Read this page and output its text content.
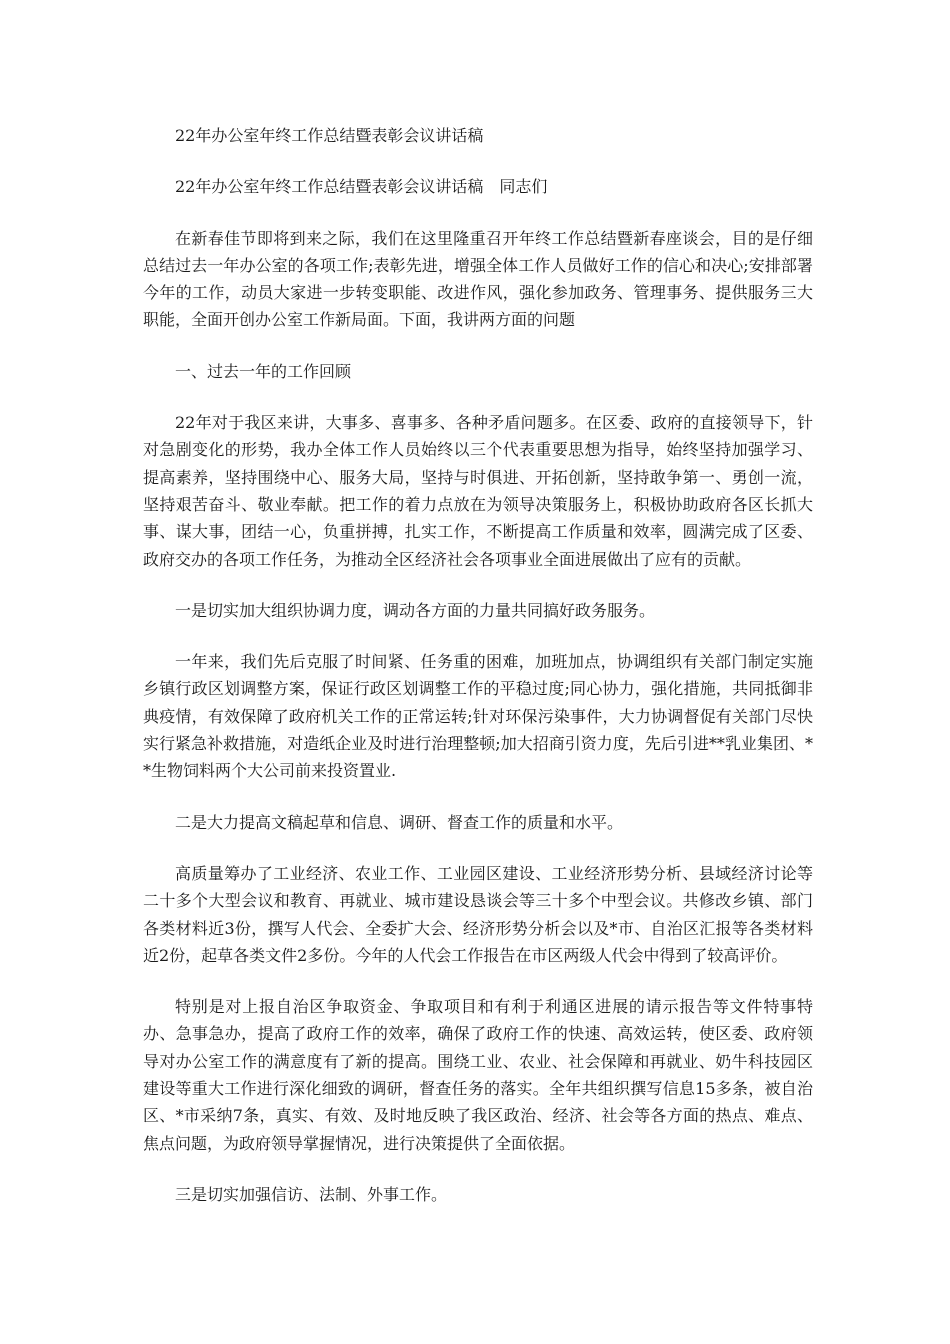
22年办公室年终工作总结暨表彰会议讲话稿

22年办公室年终工作总结暨表彰会议讲话稿　同志们

在新春佳节即将到来之际，我们在这里隆重召开年终工作总结暨新春座谈会，目的是仔细总结过去一年办公室的各项工作;表彰先进，增强全体工作人员做好工作的信心和决心;安排部署今年的工作，动员大家进一步转变职能、改进作风，强化参加政务、管理事务、提供服务三大职能，全面开创办公室工作新局面。下面，我讲两方面的问题

一、过去一年的工作回顾

22年对于我区来讲，大事多、喜事多、各种矛盾问题多。在区委、政府的直接领导下，针对急剧变化的形势，我办全体工作人员始终以三个代表重要思想为指导，始终坚持加强学习、提高素养，坚持围绕中心、服务大局，坚持与时俱进、开拓创新，坚持敢争第一、勇创一流，坚持艰苦奋斗、敬业奉献。把工作的着力点放在为领导决策服务上，积极协助政府各区长抓大事、谋大事，团结一心，负重拼搏，扎实工作，不断提高工作质量和效率，圆满完成了区委、政府交办的各项工作任务，为推动全区经济社会各项事业全面进展做出了应有的贡献。

一是切实加大组织协调力度，调动各方面的力量共同搞好政务服务。

一年来，我们先后克服了时间紧、任务重的困难，加班加点，协调组织有关部门制定实施乡镇行政区划调整方案，保证行政区划调整工作的平稳过度;同心协力，强化措施，共同抵御非典疫情，有效保障了政府机关工作的正常运转;针对环保污染事件，大力协调督促有关部门尽快实行紧急补救措施，对造纸企业及时进行治理整顿;加大招商引资力度，先后引进**乳业集团、**生物饲料两个大公司前来投资置业.

二是大力提高文稿起草和信息、调研、督查工作的质量和水平。

高质量筹办了工业经济、农业工作、工业园区建设、工业经济形势分析、县域经济讨论等二十多个大型会议和教育、再就业、城市建设恳谈会等三十多个中型会议。共修改乡镇、部门各类材料近3份，撰写人代会、全委扩大会、经济形势分析会以及*市、自治区汇报等各类材料近2份，起草各类文件2多份。今年的人代会工作报告在市区两级人代会中得到了较高评价。

特别是对上报自治区争取资金、争取项目和有利于利通区进展的请示报告等文件特事特办、急事急办，提高了政府工作的效率，确保了政府工作的快速、高效运转，使区委、政府领导对办公室工作的满意度有了新的提高。围绕工业、农业、社会保障和再就业、奶牛科技园区建设等重大工作进行深化细致的调研，督查任务的落实。全年共组织撰写信息15多条，被自治区、*市采纳7条，真实、有效、及时地反映了我区政治、经济、社会等各方面的热点、难点、焦点问题，为政府领导掌握情况，进行决策提供了全面依据。

三是切实加强信访、法制、外事工作。
